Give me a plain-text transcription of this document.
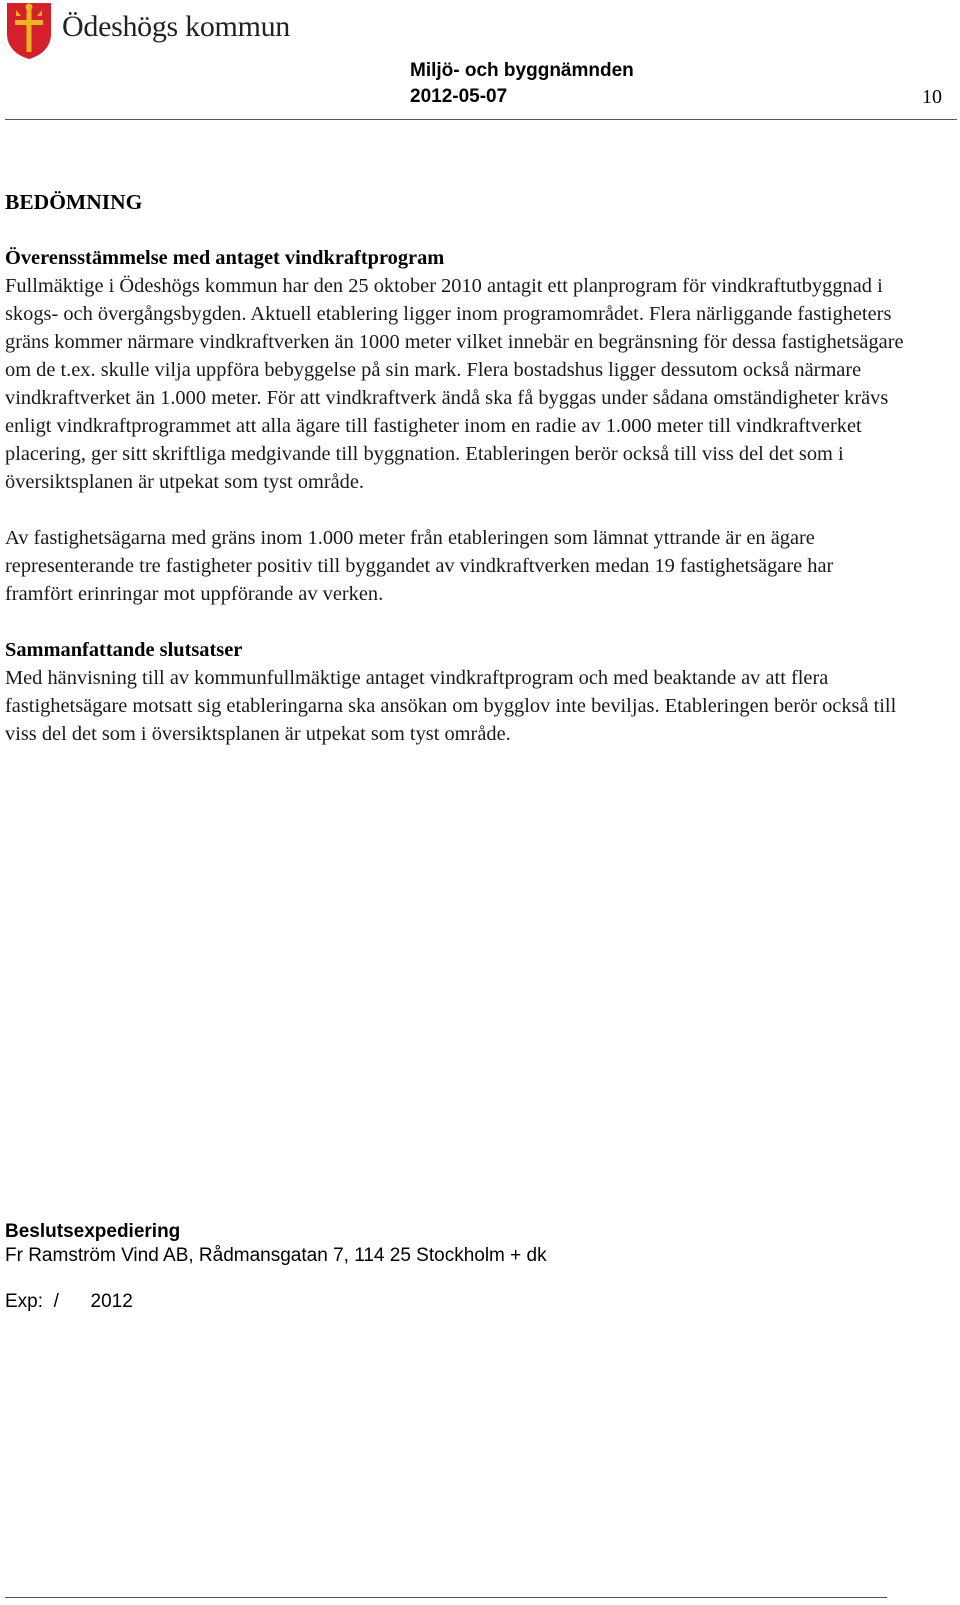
Ödeshögs kommun
Miljö- och byggnämnden
2012-05-07	10

BEDÖMNING

Överensstämmelse med antaget vindkraftprogram

Fullmäktige i Ödeshögs kommun har den 25 oktober 2010 antagit ett planprogram för vindkraftutbyggnad i skogs- och övergångsbygden. Aktuell etablering ligger inom programområdet. Flera närliggande fastigheters gräns kommer närmare vindkraftverken än 1000 meter vilket innebär en begränsning för dessa fastighetsägare om de t.ex. skulle vilja uppföra bebyggelse på sin mark. Flera bostadshus ligger dessutom också närmare vindkraftverket än 1.000 meter. För att vindkraftverk ändå ska få byggas under sådana omständigheter krävs enligt vindkraftprogrammet att alla ägare till fastigheter inom en radie av 1.000 meter till vindkraftverket placering, ger sitt skriftliga medgivande till byggnation. Etableringen berör också till viss del det som i översiktsplanen är utpekat som tyst område.

Av fastighetsägarna med gräns inom 1.000 meter från etableringen som lämnat yttrande är en ägare representerande tre fastigheter positiv till byggandet av vindkraftverken medan 19 fastighetsägare har framfört erinringar mot uppförande av verken.

Sammanfattande slutsatser

Med hänvisning till av kommunfullmäktige antaget vindkraftprogram och med beaktande av att flera fastighetsägare motsatt sig etableringarna ska ansökan om bygglov inte beviljas. Etableringen berör också till viss del det som i översiktsplanen är utpekat som tyst område.

Beslutsexpediering
Fr Ramström Vind AB, Rådmansgatan 7, 114 25 Stockholm + dk
Exp:  /      2012
